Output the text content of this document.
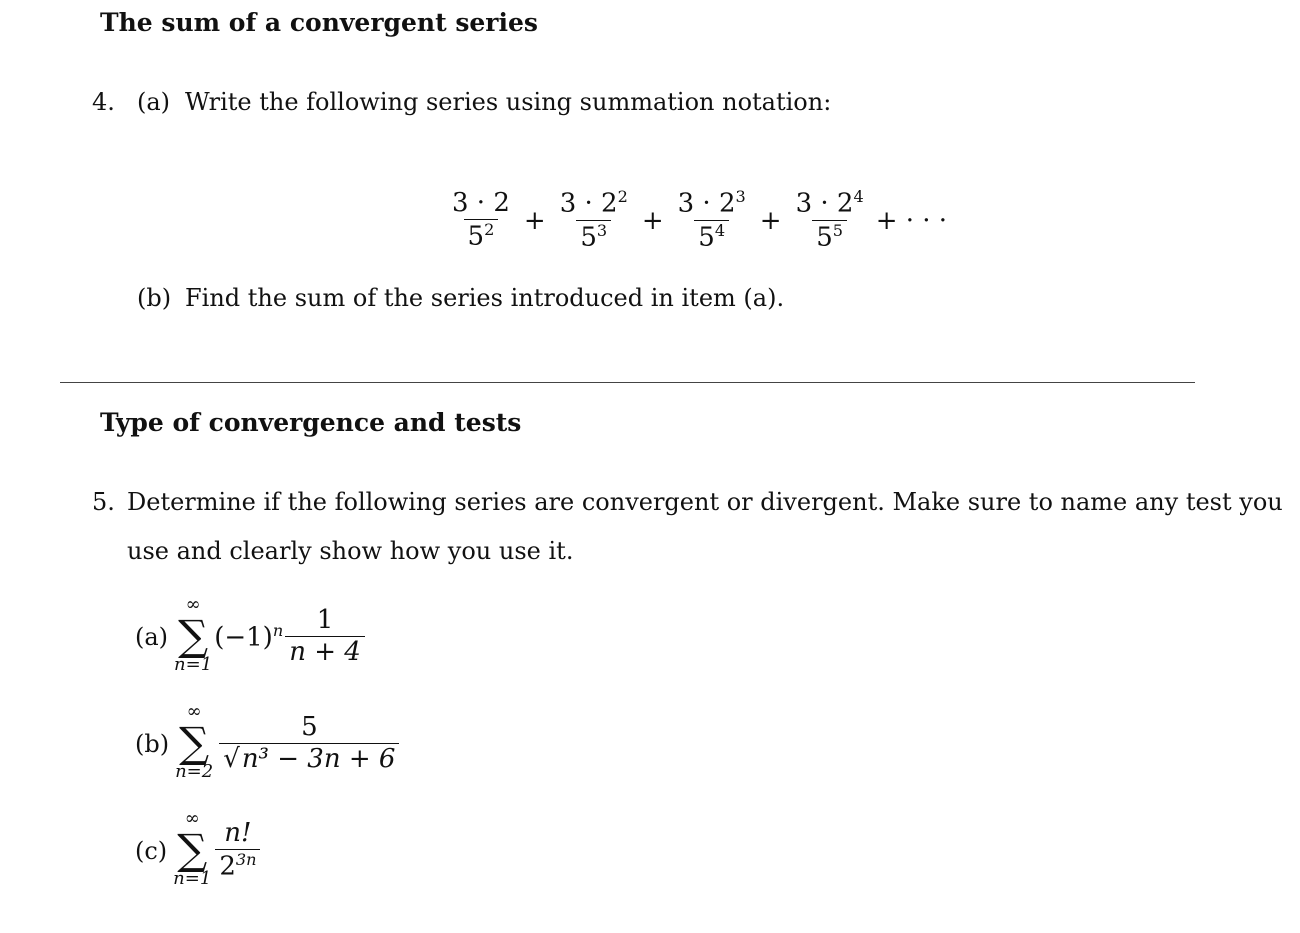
The sum of a convergent series
4. (a) Write the following series using summation notation:
$\frac{3 \cdot 2}{5^2} + \frac{3 \cdot 2^2}{5^3} + \frac{3 \cdot 2^3}{5^4} + \frac{3 \cdot 2^4}{5^5}$ + · · ·
(b) Find the sum of the series introduced in item (a).
Type of convergence and tests
5. Determine if the following series are convergent or divergent. Make sure to name any test you
use and clearly show how you use it.
(a)
∞
∑
n=1
$(-1)^n \frac{1}{n + 4}$
(b)
∞
∑
$n=2 \frac{5}{\text{√n³ − 3n + 6}}$
(c)
∞
∑
$n=1 \frac{n!}{2^{3n}}$
